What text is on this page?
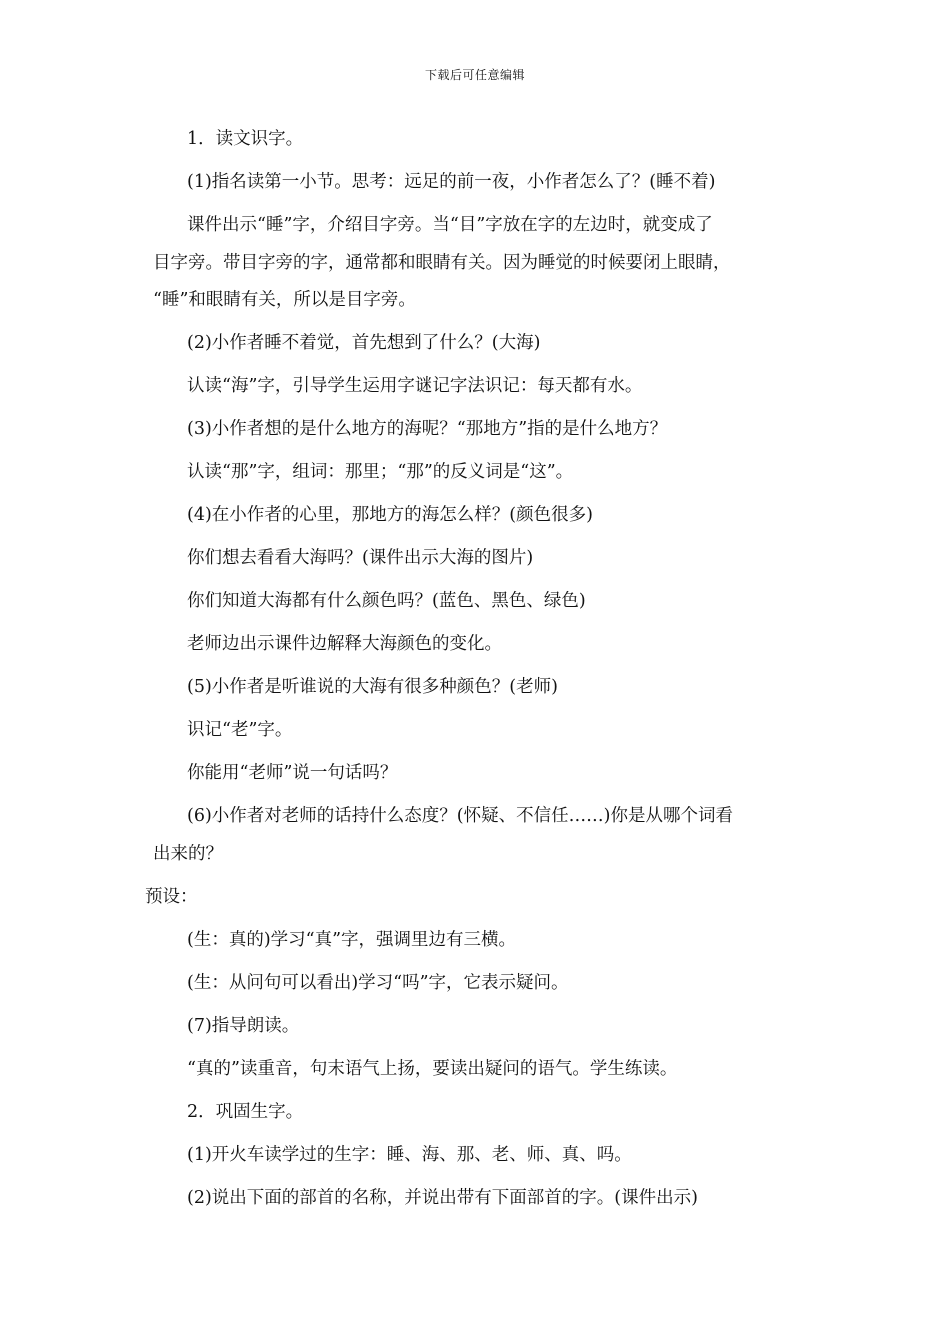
下载后可任意编辑
1．读文识字。
(1)指名读第一小节。思考：远足的前一夜，小作者怎么了？(睡不着)
课件出示“睡”字，介绍目字旁。当“目”字放在字的左边时，就变成了
目字旁。带目字旁的字，通常都和眼睛有关。因为睡觉的时候要闭上眼睛，
“睡”和眼睛有关，所以是目字旁。
(2)小作者睡不着觉，首先想到了什么？(大海)
认读“海”字，引导学生运用字谜记字法识记：每天都有水。
(3)小作者想的是什么地方的海呢？“那地方”指的是什么地方？
认读“那”字，组词：那里；“那”的反义词是“这”。
(4)在小作者的心里，那地方的海怎么样？(颜色很多)
你们想去看看大海吗？(课件出示大海的图片)
你们知道大海都有什么颜色吗？(蓝色、黑色、绿色)
老师边出示课件边解释大海颜色的变化。
(5)小作者是听谁说的大海有很多种颜色？(老师)
识记“老”字。
你能用“老师”说一句话吗？
(6)小作者对老师的话持什么态度？(怀疑、不信任……)你是从哪个词看
出来的？
预设：
(生：真的)学习“真”字，强调里边有三横。
(生：从问句可以看出)学习“吗”字，它表示疑问。
(7)指导朗读。
“真的”读重音，句末语气上扬，要读出疑问的语气。学生练读。
2．巩固生字。
(1)开火车读学过的生字：睡、海、那、老、师、真、吗。
(2)说出下面的部首的名称，并说出带有下面部首的字。(课件出示)
